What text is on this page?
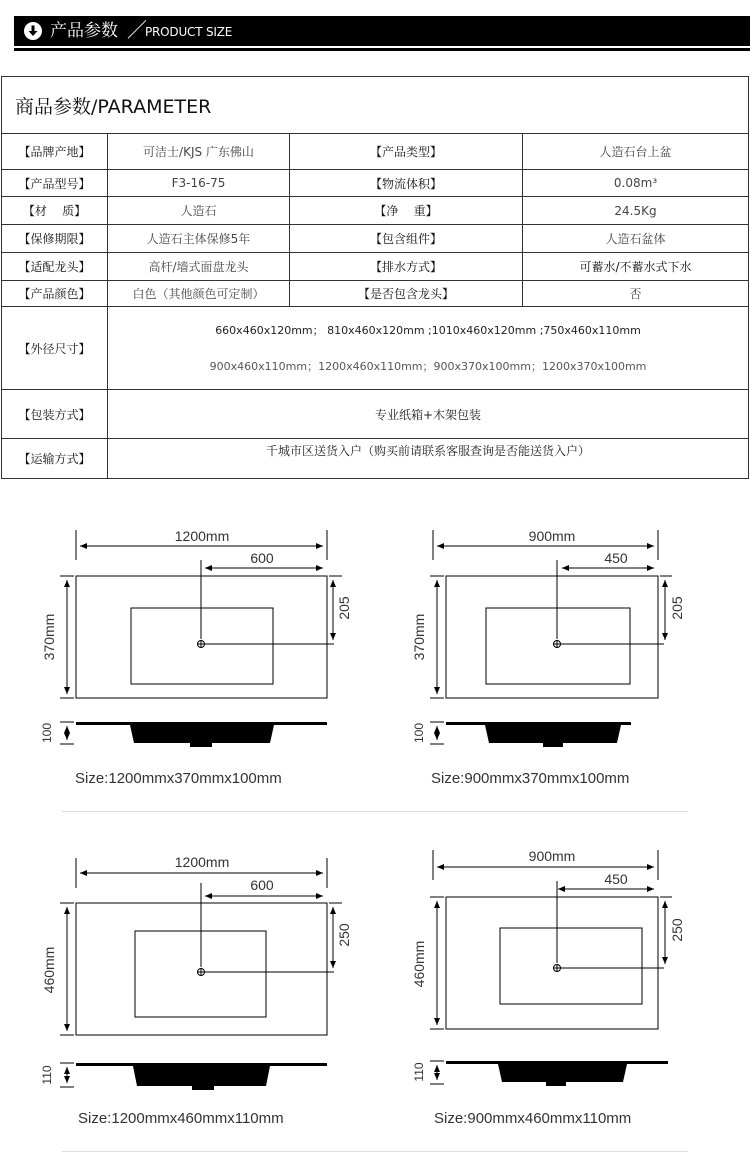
产品参数 ／
PRODUCT SIZE
商品参数/PARAMETER			
【品牌产地】	可洁士/KJS 广东佛山	【产品类型】	人造石台上盆
【产品型号】	F3-16-75	【物流体积】	0.08m³
【材    质】	人造石	【净    重】	24.5Kg
【保修期限】	人造石主体保修5年	【包含组件】	人造石盆体
【适配龙头】	高杆/墙式面盘龙头	【排水方式】	可蓄水/不蓄水式下水
【产品颜色】	白色（其他颜色可定制）	【是否包含龙头】	否
【外径尺寸】	660x460x120mm； 810x460x120mm ;1010x460x120mm ;750x460x110mm
900x460x110mm；1200x460x110mm；900x370x100mm；1200x370x100mm		

【包装方式】	专业纸箱+木架包装		
【运输方式】	千城市区送货入户（购买前请联系客服查询是否能送货入户）		
1200mm
600
370mm
205
100
Size:1200mmx370mmx100mm
900mm
450
370mm
205
100
Size:900mmx370mmx100mm
1200mm
600
460mm
250
110
Size:1200mmx460mmx110mm
900mm
450
460mm
250
110
Size:900mmx460mmx110mm
